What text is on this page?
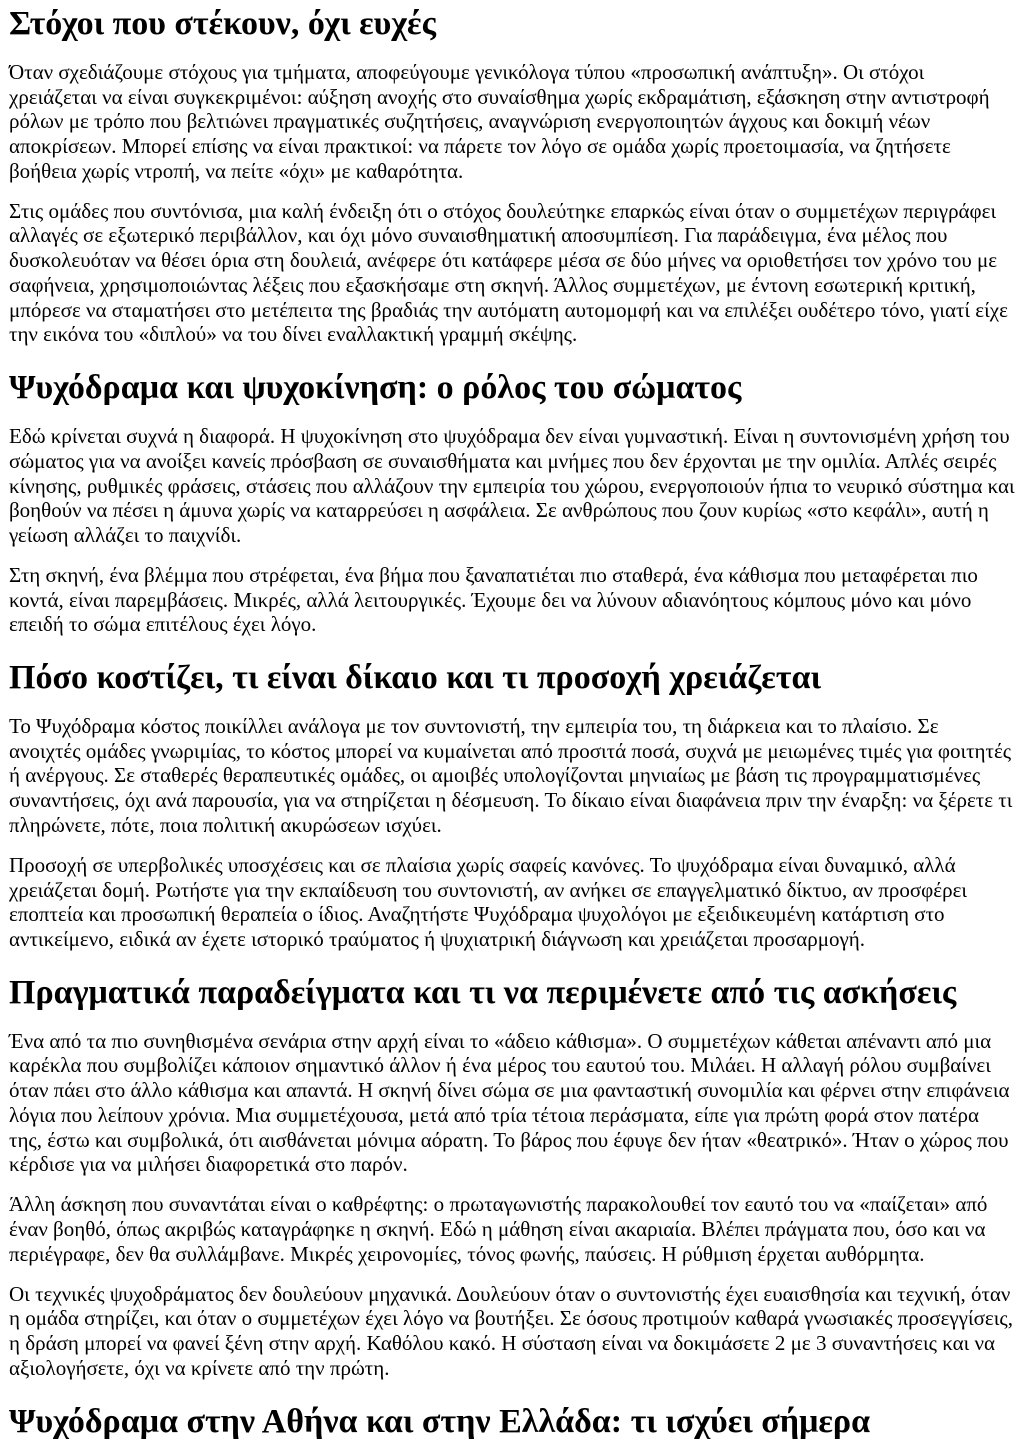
Στόχοι που στέκουν, όχι ευχές

Όταν σχεδιάζουμε στόχους για τμήματα, αποφεύγουμε γενικόλογα τύπου «προσωπική ανάπτυξη». Οι στόχοι χρειάζεται να είναι συγκεκριμένοι: αύξηση ανοχής στο συναίσθημα χωρίς εκδραμάτιση, εξάσκηση στην αντιστροφή ρόλων με τρόπο που βελτιώνει πραγματικές συζητήσεις, αναγνώριση ενεργοποιητών άγχους και δοκιμή νέων αποκρίσεων. Μπορεί επίσης να είναι πρακτικοί: να πάρετε τον λόγο σε ομάδα χωρίς προετοιμασία, να ζητήσετε βοήθεια χωρίς ντροπή, να πείτε «όχι» με καθαρότητα.

Στις ομάδες που συντόνισα, μια καλή ένδειξη ότι ο στόχος δουλεύτηκε επαρκώς είναι όταν ο συμμετέχων περιγράφει αλλαγές σε εξωτερικό περιβάλλον, και όχι μόνο συναισθηματική αποσυμπίεση. Για παράδειγμα, ένα μέλος που δυσκολευόταν να θέσει όρια στη δουλειά, ανέφερε ότι κατάφερε μέσα σε δύο μήνες να οριοθετήσει τον χρόνο του με σαφήνεια, χρησιμοποιώντας λέξεις που εξασκήσαμε στη σκηνή. Άλλος συμμετέχων, με έντονη εσωτερική κριτική, μπόρεσε να σταματήσει στο μετέπειτα της βραδιάς την αυτόματη αυτομομφή και να επιλέξει ουδέτερο τόνο, γιατί είχε την εικόνα του «διπλού» να του δίνει εναλλακτική γραμμή σκέψης.

Ψυχόδραμα και ψυχοκίνηση: ο ρόλος του σώματος

Εδώ κρίνεται συχνά η διαφορά. Η ψυχοκίνηση στο ψυχόδραμα δεν είναι γυμναστική. Είναι η συντονισμένη χρήση του σώματος για να ανοίξει κανείς πρόσβαση σε συναισθήματα και μνήμες που δεν έρχονται με την ομιλία. Απλές σειρές κίνησης, ρυθμικές φράσεις, στάσεις που αλλάζουν την εμπειρία του χώρου, ενεργοποιούν ήπια το νευρικό σύστημα και βοηθούν να πέσει η άμυνα χωρίς να καταρρεύσει η ασφάλεια. Σε ανθρώπους που ζουν κυρίως «στο κεφάλι», αυτή η γείωση αλλάζει το παιχνίδι.

Στη σκηνή, ένα βλέμμα που στρέφεται, ένα βήμα που ξαναπατιέται πιο σταθερά, ένα κάθισμα που μεταφέρεται πιο κοντά, είναι παρεμβάσεις. Μικρές, αλλά λειτουργικές. Έχουμε δει να λύνουν αδιανόητους κόμπους μόνο και μόνο επειδή το σώμα επιτέλους έχει λόγο.

Πόσο κοστίζει, τι είναι δίκαιο και τι προσοχή χρειάζεται

Το Ψυχόδραμα κόστος ποικίλλει ανάλογα με τον συντονιστή, την εμπειρία του, τη διάρκεια και το πλαίσιο. Σε ανοιχτές ομάδες γνωριμίας, το κόστος μπορεί να κυμαίνεται από προσιτά ποσά, συχνά με μειωμένες τιμές για φοιτητές ή ανέργους. Σε σταθερές θεραπευτικές ομάδες, οι αμοιβές υπολογίζονται μηνιαίως με βάση τις προγραμματισμένες συναντήσεις, όχι ανά παρουσία, για να στηρίζεται η δέσμευση. Το δίκαιο είναι διαφάνεια πριν την έναρξη: να ξέρετε τι πληρώνετε, πότε, ποια πολιτική ακυρώσεων ισχύει.

Προσοχή σε υπερβολικές υποσχέσεις και σε πλαίσια χωρίς σαφείς κανόνες. Το ψυχόδραμα είναι δυναμικό, αλλά χρειάζεται δομή. Ρωτήστε για την εκπαίδευση του συντονιστή, αν ανήκει σε επαγγελματικό δίκτυο, αν προσφέρει εποπτεία και προσωπική θεραπεία ο ίδιος. Αναζητήστε Ψυχόδραμα ψυχολόγοι με εξειδικευμένη κατάρτιση στο αντικείμενο, ειδικά αν έχετε ιστορικό τραύματος ή ψυχιατρική διάγνωση και χρειάζεται προσαρμογή.

Πραγματικά παραδείγματα και τι να περιμένετε από τις ασκήσεις

Ένα από τα πιο συνηθισμένα σενάρια στην αρχή είναι το «άδειο κάθισμα». Ο συμμετέχων κάθεται απέναντι από μια καρέκλα που συμβολίζει κάποιον σημαντικό άλλον ή ένα μέρος του εαυτού του. Μιλάει. Η αλλαγή ρόλου συμβαίνει όταν πάει στο άλλο κάθισμα και απαντά. Η σκηνή δίνει σώμα σε μια φανταστική συνομιλία και φέρνει στην επιφάνεια λόγια που λείπουν χρόνια. Μια συμμετέχουσα, μετά από τρία τέτοια περάσματα, είπε για πρώτη φορά στον πατέρα της, έστω και συμβολικά, ότι αισθάνεται μόνιμα αόρατη. Το βάρος που έφυγε δεν ήταν «θεατρικό». Ήταν ο χώρος που κέρδισε για να μιλήσει διαφορετικά στο παρόν.

Άλλη άσκηση που συναντάται είναι ο καθρέφτης: ο πρωταγωνιστής παρακολουθεί τον εαυτό του να «παίζεται» από έναν βοηθό, όπως ακριβώς καταγράφηκε η σκηνή. Εδώ η μάθηση είναι ακαριαία. Βλέπει πράγματα που, όσο και να περιέγραφε, δεν θα συλλάμβανε. Μικρές χειρονομίες, τόνος φωνής, παύσεις. Η ρύθμιση έρχεται αυθόρμητα.

Οι τεχνικές ψυχοδράματος δεν δουλεύουν μηχανικά. Δουλεύουν όταν ο συντονιστής έχει ευαισθησία και τεχνική, όταν η ομάδα στηρίζει, και όταν ο συμμετέχων έχει λόγο να βουτήξει. Σε όσους προτιμούν καθαρά γνωσιακές προσεγγίσεις, η δράση μπορεί να φανεί ξένη στην αρχή. Καθόλου κακό. Η σύσταση είναι να δοκιμάσετε 2 με 3 συναντήσεις και να αξιολογήσετε, όχι να κρίνετε από την πρώτη.

Ψυχόδραμα στην Αθήνα και στην Ελλάδα: τι ισχύει σήμερα
